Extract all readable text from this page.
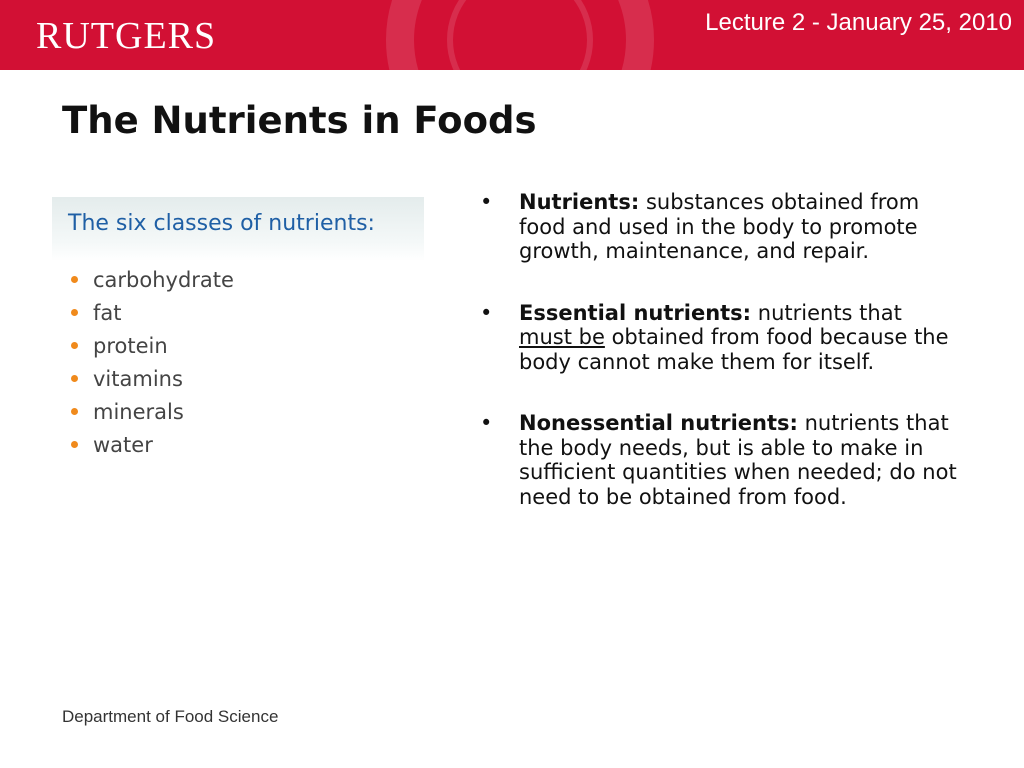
RUTGERS	Lecture 2 - January 25, 2010
The Nutrients in Foods
The six classes of nutrients:
carbohydrate
fat
protein
vitamins
minerals
water
• Nutrients: substances obtained from food and used in the body to promote growth, maintenance, and repair.
• Essential nutrients: nutrients that must be obtained from food because the body cannot make them for itself.
• Nonessential nutrients: nutrients that the body needs, but is able to make in sufficient quantities when needed; do not need to be obtained from food.
Department of Food Science
